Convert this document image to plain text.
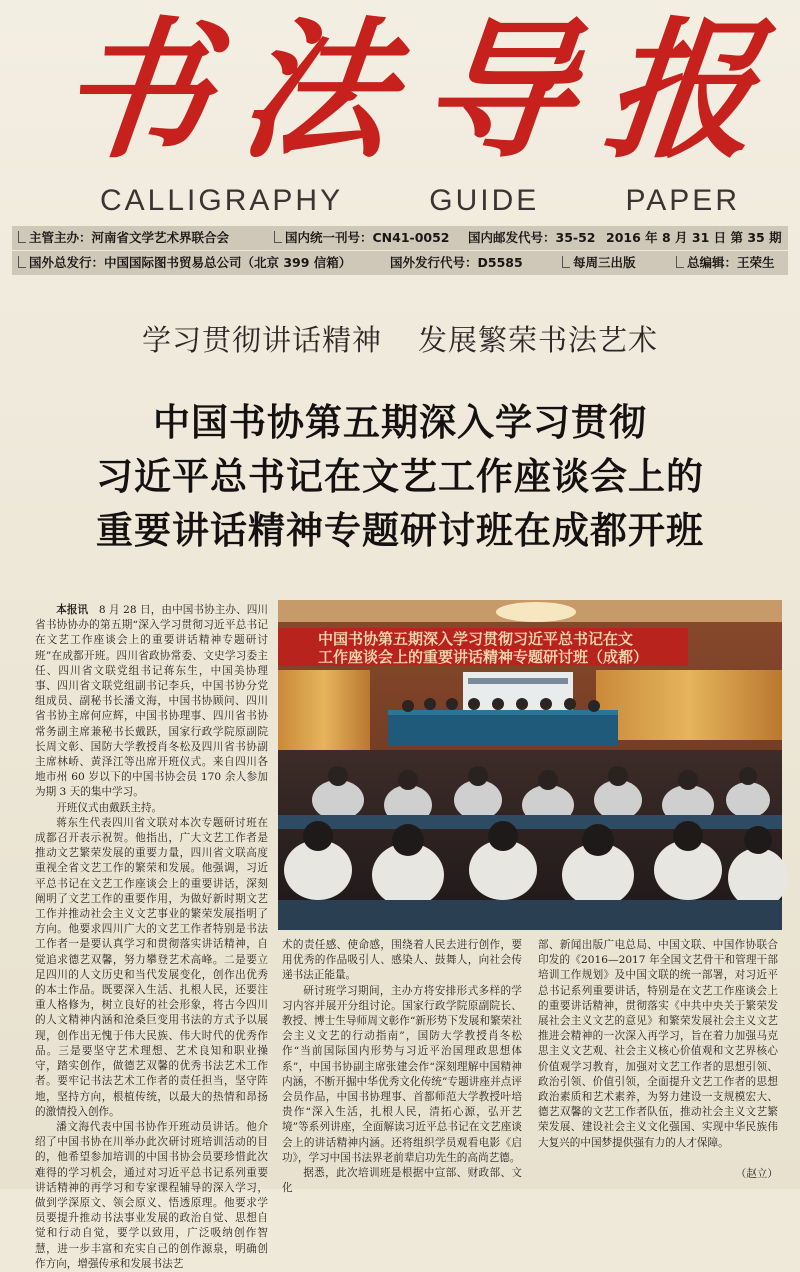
书 法 导 报
CALLIGRAPHY	GUIDE	PAPER
主管主办：河南省文学艺术界联合会	国内统一刊号：CN41-0052 国内邮发代号：35-52 2016 年 8 月 31 日 第 35 期
国外总发行：中国国际图书贸易总公司（北京 399 信箱）	国外发行代号：D5585	每周三出版	总编辑：王荣生
学习贯彻讲话精神 发展繁荣书法艺术
中国书协第五期深入学习贯彻
习近平总书记在文艺工作座谈会上的
重要讲话精神专题研讨班在成都开班
中国书协第五期深入学习贯彻习近平总书记在文
工作座谈会上的重要讲话精神专题研讨班（成都）

本报讯　 8 月 28 日，由中国书协主办、四川省书协协办的第五期“深入学习贯彻习近平总书记在文艺工作座谈会上的重要讲话精神专题研讨班”在成都开班。四川省政协常委、文史学习委主任、四川省文联党组书记蒋东生，中国美协理事、四川省文联党组副书记李兵，中国书协分党组成员、副秘书长潘文海，中国书协顾问、四川省书协主席何应辉，中国书协理事、四川省书协常务副主席兼秘书长戴跃，国家行政学院原副院长周文彰、国防大学教授肖冬松及四川省书协副主席林峤、黄泽江等出席开班仪式。来自四川各地市州 60 岁以下的中国书协会员 170 余人参加为期 3 天的集中学习。

开班仪式由戴跃主持。

蒋东生代表四川省文联对本次专题研讨班在成都召开表示祝贺。他指出，广大文艺工作者是推动文艺繁荣发展的重要力量，四川省文联高度重视全省文艺工作的繁荣和发展。他强调，习近平总书记在文艺工作座谈会上的重要讲话，深刻阐明了文艺工作的重要作用，为做好新时期文艺工作并推动社会主义文艺事业的繁荣发展指明了方向。他要求四川广大的文艺工作者特别是书法工作者一是要认真学习和贯彻落实讲话精神，自觉追求德艺双馨，努力攀登艺术高峰。二是要立足四川的人文历史和当代发展变化，创作出优秀的本土作品。既要深入生活、扎根人民，还要注重人格修为，树立良好的社会形象，将古今四川的人文精神内涵和沧桑巨变用书法的方式予以展现，创作出无愧于伟大民族、伟大时代的优秀作品。三是要坚守艺术理想、艺术良知和职业操守，踏实创作，做德艺双馨的优秀书法艺术工作者。要牢记书法艺术工作者的责任担当，坚守阵地，坚持方向，根植传统，以最大的热情和昂扬的激情投入创作。

潘文海代表中国书协作开班动员讲话。他介绍了中国书协在川举办此次研讨班培训活动的目的，他希望参加培训的中国书协会员要珍惜此次难得的学习机会，通过对习近平总书记系列重要讲话精神的再学习和专家课程辅导的深入学习，做到学深原文、领会原义、悟透原理。他要求学员要提升推动书法事业发展的政治自觉、思想自觉和行动自觉，要学以致用，广泛吸纳创作智慧，进一步丰富和充实自己的创作源泉，明确创作方向，增强传承和发展书法艺

术的责任感、使命感，围绕着人民去进行创作，要用优秀的作品吸引人、感染人、鼓舞人，向社会传递书法正能量。

研讨班学习期间，主办方将安排形式多样的学习内容并展开分组讨论。国家行政学院原副院长、教授、博士生导师周文彰作“新形势下发展和繁荣社会主义文艺的行动指南”，国防大学教授肖冬松作“当前国际国内形势与习近平治国理政思想体系”，中国书协副主席张建会作“深刻理解中国精神内涵，不断开掘中华优秀文化传统”专题讲座并点评会员作品，中国书协理事、首都师范大学教授叶培贵作“深入生活，扎根人民，清拓心源，弘开艺境”等系列讲座，全面解读习近平总书记在文艺座谈会上的讲话精神内涵。还将组织学员观看电影《启功》，学习中国书法界老前辈启功先生的高尚艺德。

据悉，此次培训班是根据中宣部、财政部、文化

部、新闻出版广电总局、中国文联、中国作协联合印发的《2016—2017 年全国文艺骨干和管理干部培训工作规划》及中国文联的统一部署，对习近平总书记系列重要讲话，特别是在文艺工作座谈会上的重要讲话精神，贯彻落实《中共中央关于繁荣发展社会主义文艺的意见》和繁荣发展社会主义文艺推进会精神的一次深入再学习，旨在着力加强马克思主义文艺观、社会主义核心价值观和文艺界核心价值观学习教育，加强对文艺工作者的思想引领、政治引领、价值引领，全面提升文艺工作者的思想政治素质和艺术素养，为努力建设一支规模宏大、德艺双馨的文艺工作者队伍，推动社会主义文艺繁荣发展、建设社会主义文化强国、实现中华民族伟大复兴的中国梦提供强有力的人才保障。

（赵立）
